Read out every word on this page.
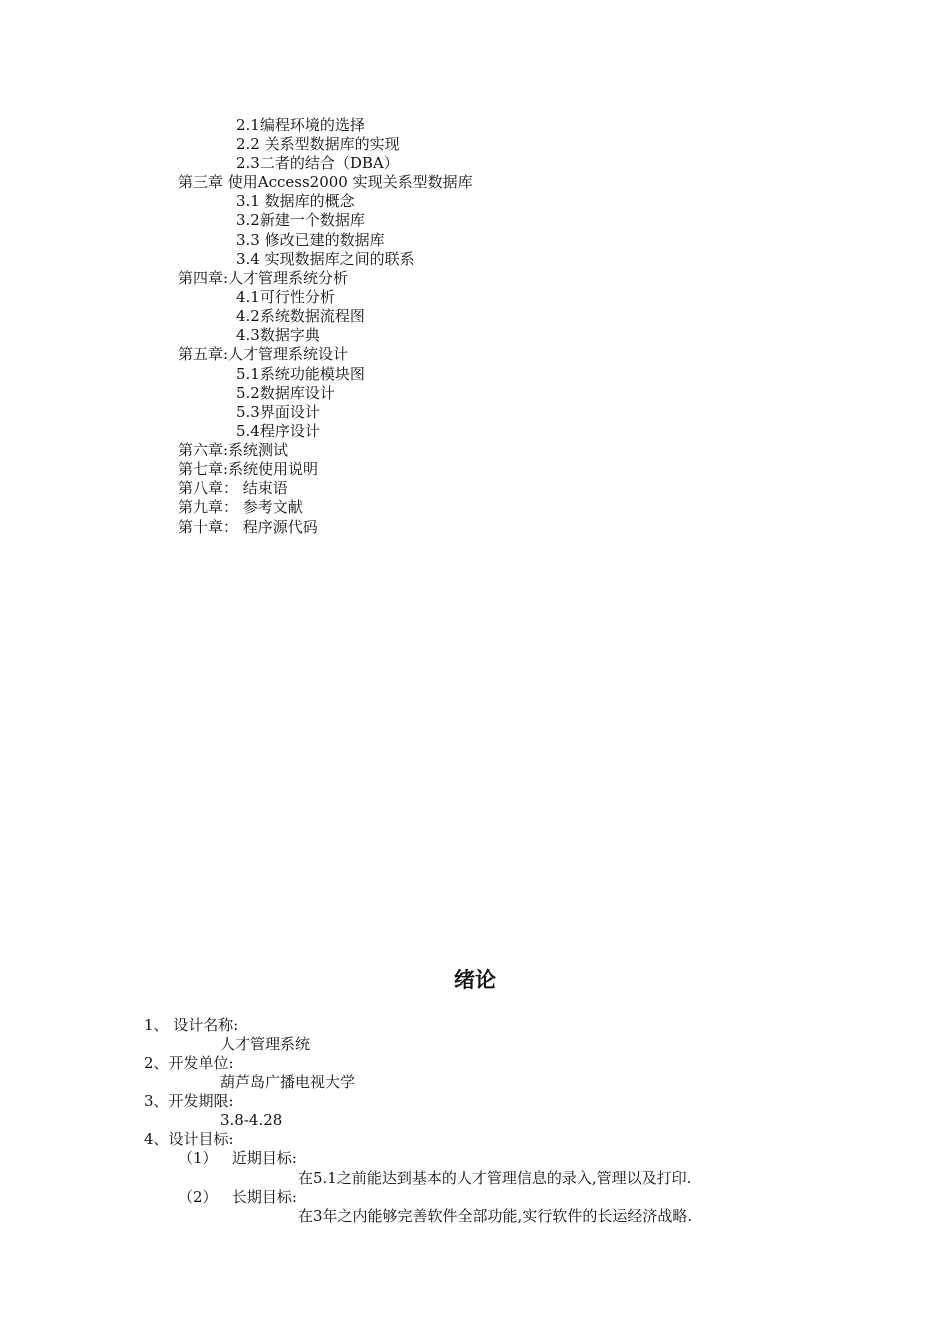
2.1编程环境的选择
2.2 关系型数据库的实现
2.3二者的结合（DBA）
第三章 使用Access2000 实现关系型数据库
3.1 数据库的概念
3.2新建一个数据库
3.3 修改已建的数据库
3.4 实现数据库之间的联系
第四章:人才管理系统分析
4.1可行性分析
4.2系统数据流程图
4.3数据字典
第五章:人才管理系统设计
5.1系统功能模块图
5.2数据库设计
5.3界面设计
5.4程序设计
第六章:系统测试
第七章:系统使用说明
第八章： 结束语
第九章： 参考文献
第十章： 程序源代码
绪论
1、 设计名称:
人才管理系统
2、开发单位:
葫芦岛广播电视大学
3、开发期限:
3.8-4.28
4、设计目标:
（1）   近期目标:
在5.1之前能达到基本的人才管理信息的录入,管理以及打印.
（2）   长期目标:
在3年之内能够完善软件全部功能,实行软件的长运经济战略.
